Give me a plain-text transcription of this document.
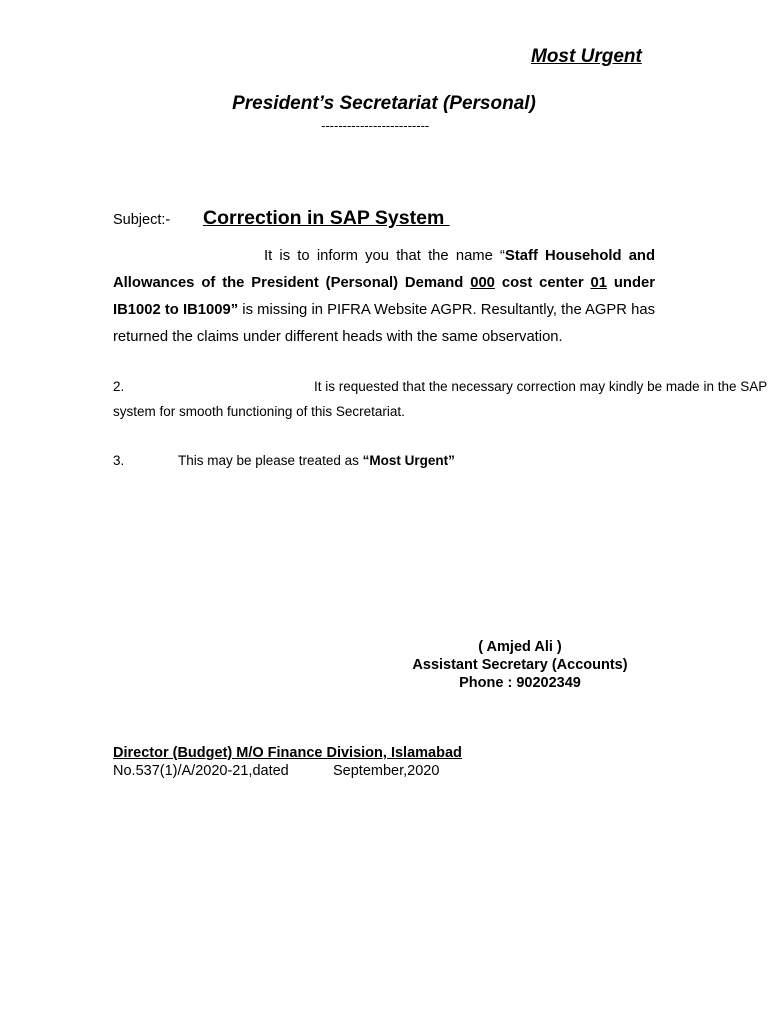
Most Urgent
President’s Secretariat (Personal)
-------------------------
Subject:- Correction in SAP System
It is to inform you that the name “Staff Household and Allowances of the President (Personal) Demand 000 cost center 01 under IB1002 to IB1009” is missing in PIFRA Website AGPR. Resultantly, the AGPR has returned the claims under different heads with the same observation.
2.	It is requested that the necessary correction may kindly be made in the SAP
system for smooth functioning of this Secretariat.
3.	This may be please treated as “Most Urgent”
( Amjed Ali )
Assistant Secretary (Accounts)
Phone : 90202349
Director (Budget) M/O Finance Division, Islamabad
No.537(1)/A/2020-21,dated	September,2020
